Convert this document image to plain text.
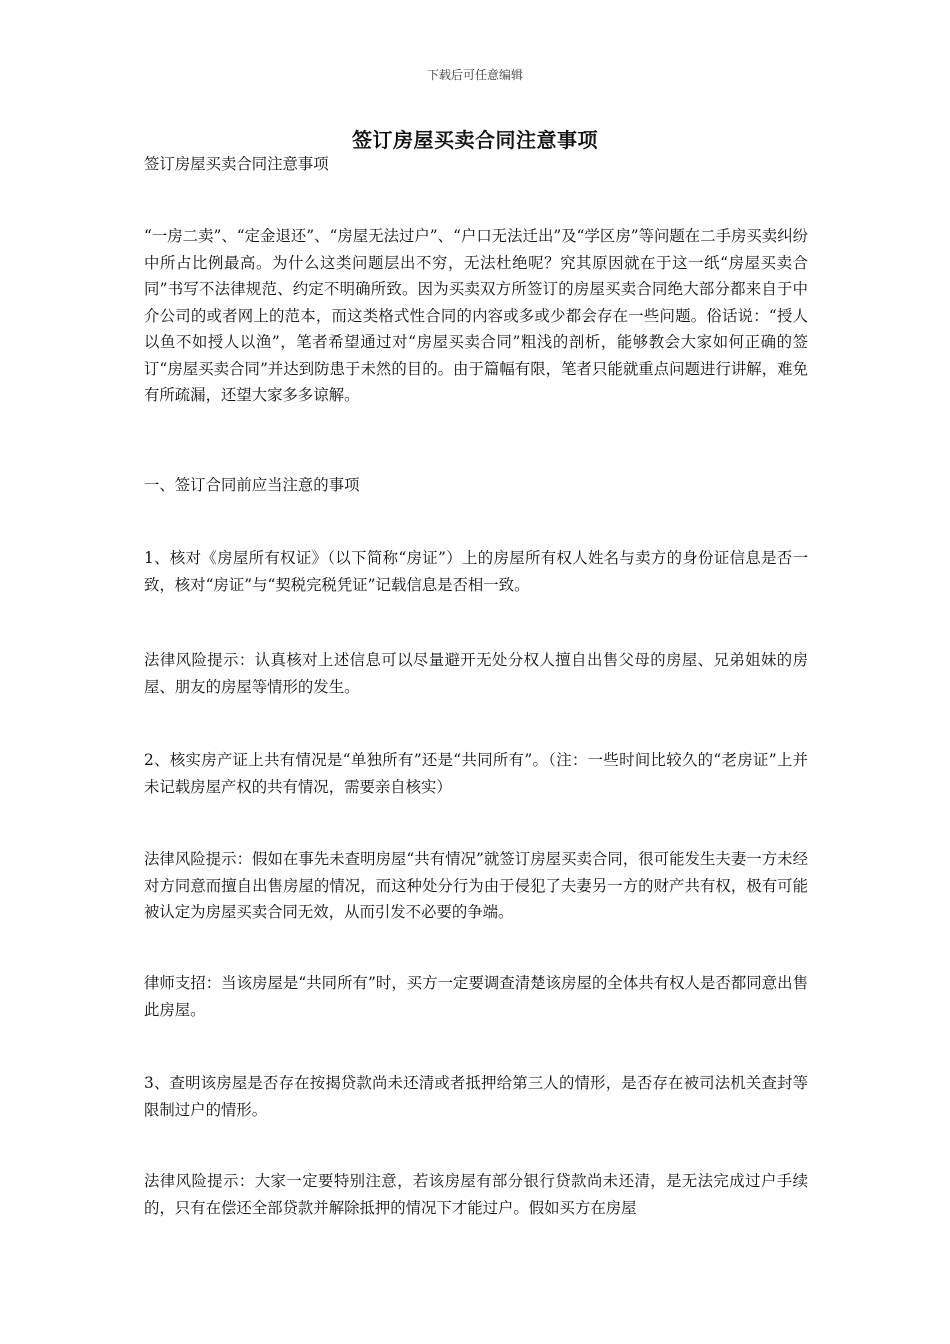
下载后可任意编辑
签订房屋买卖合同注意事项
签订房屋买卖合同注意事项
“一房二卖”、“定金退还”、“房屋无法过户”、“户口无法迁出”及“学区房”等问题在二手房买卖纠纷中所占比例最高。为什么这类问题层出不穷，无法杜绝呢？究其原因就在于这一纸“房屋买卖合同”书写不法律规范、约定不明确所致。因为买卖双方所签订的房屋买卖合同绝大部分都来自于中介公司的或者网上的范本，而这类格式性合同的内容或多或少都会存在一些问题。俗话说：“授人以鱼不如授人以渔”，笔者希望通过对“房屋买卖合同”粗浅的剖析，能够教会大家如何正确的签订“房屋买卖合同”并达到防患于未然的目的。由于篇幅有限，笔者只能就重点问题进行讲解，难免有所疏漏，还望大家多多谅解。
一、签订合同前应当注意的事项
1、核对《房屋所有权证》（以下简称“房证”）上的房屋所有权人姓名与卖方的身份证信息是否一致，核对“房证”与“契税完税凭证”记载信息是否相一致。
法律风险提示：认真核对上述信息可以尽量避开无处分权人擅自出售父母的房屋、兄弟姐妹的房屋、朋友的房屋等情形的发生。
2、核实房产证上共有情况是“单独所有”还是“共同所有”。（注：一些时间比较久的“老房证”上并未记载房屋产权的共有情况，需要亲自核实）
法律风险提示：假如在事先未查明房屋“共有情况”就签订房屋买卖合同，很可能发生夫妻一方未经对方同意而擅自出售房屋的情况，而这种处分行为由于侵犯了夫妻另一方的财产共有权，极有可能被认定为房屋买卖合同无效，从而引发不必要的争端。
律师支招：当该房屋是“共同所有”时，买方一定要调查清楚该房屋的全体共有权人是否都同意出售此房屋。
3、查明该房屋是否存在按揭贷款尚未还清或者抵押给第三人的情形，是否存在被司法机关查封等限制过户的情形。
法律风险提示：大家一定要特别注意，若该房屋有部分银行贷款尚未还清，是无法完成过户手续的，只有在偿还全部贷款并解除抵押的情况下才能过户。假如买方在房屋
